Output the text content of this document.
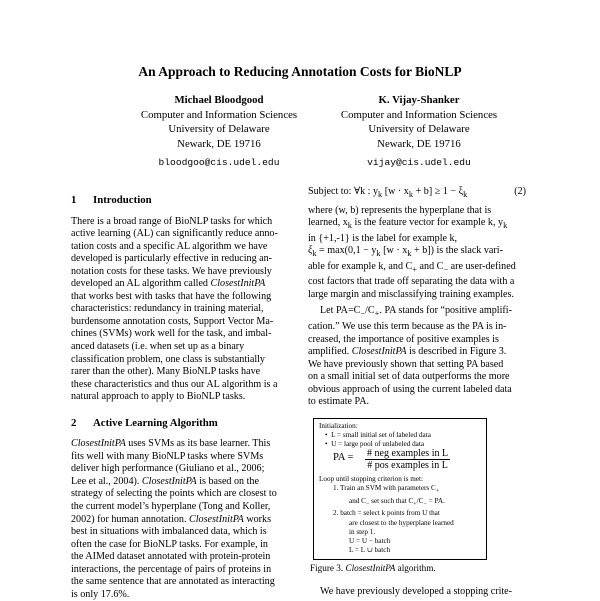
An Approach to Reducing Annotation Costs for BioNLP
Michael Bloodgood
Computer and Information Sciences
University of Delaware
Newark, DE 19716
bloodgoo@cis.udel.edu
K. Vijay-Shanker
Computer and Information Sciences
University of Delaware
Newark, DE 19716
vijay@cis.udel.edu
1 Introduction
There is a broad range of BioNLP tasks for which
active learning (AL) can significantly reduce anno-
tation costs and a specific AL algorithm we have
developed is particularly effective in reducing an-
notation costs for these tasks. We have previously
developed an AL algorithm called ClosestInitPA
that works best with tasks that have the following
characteristics: redundancy in training material,
burdensome annotation costs, Support Vector Ma-
chines (SVMs) work well for the task, and imbal-
anced datasets (i.e. when set up as a binary
classification problem, one class is substantially
rarer than the other). Many BioNLP tasks have
these characteristics and thus our AL algorithm is a
natural approach to apply to BioNLP tasks.
2 Active Learning Algorithm
ClosestInitPA uses SVMs as its base learner. This
fits well with many BioNLP tasks where SVMs
deliver high performance (Giuliano et al., 2006;
Lee et al., 2004). ClosestInitPA is based on the
strategy of selecting the points which are closest to
the current model’s hyperplane (Tong and Koller,
2002) for human annotation. ClosestInitPA works
best in situations with imbalanced data, which is
often the case for BioNLP tasks. For example, in
the AIMed dataset annotated with protein-protein
interactions, the percentage of pairs of proteins in
the same sentence that are annotated as interacting
is only 17.6%.
Subject to: ∀k : $y_k$ $[w \cdot x_k + b] \ge 1 - \xi_k$	(2)
where (w, b) represents the hyperplane that is
learned, $x_k$ is the feature vector for example k, $y_k$
in {+1,-1} is the label for example k,
$\xi_k = \max(0,1 - y_k$ $[w \cdot x_k + b]$) is the slack vari-
able for example k, and $C_+$ and $C_-$ are user-defined
cost factors that trade off separating the data with a
large margin and misclassifying training examples.
Let $PA=C_-/C_+$. PA stands for “positive amplifi-
cation.” We use this term because as the PA is in-
creased, the importance of positive examples is
amplified. ClosestInitPA is described in Figure 3.
We have previously shown that setting PA based
on a small initial set of data outperforms the more
obvious approach of using the current labeled data
to estimate PA.
Initialization:
• L = small initial set of labeled data
• U = large pool of unlabeled data
PA = # neg examples in L
# pos examples in L
Loop until stopping criterion is met:
1. Train an SVM with parameters $C_+$
and $C_-$ set such that $C_+/C_-$ = PA.
2. batch = select k points from U that
are closest to the hyperplane learned
in step 1.
U = U − batch
L = L ∪ batch
Figure 3. ClosestInitPA algorithm.
We have previously developed a stopping crite-
